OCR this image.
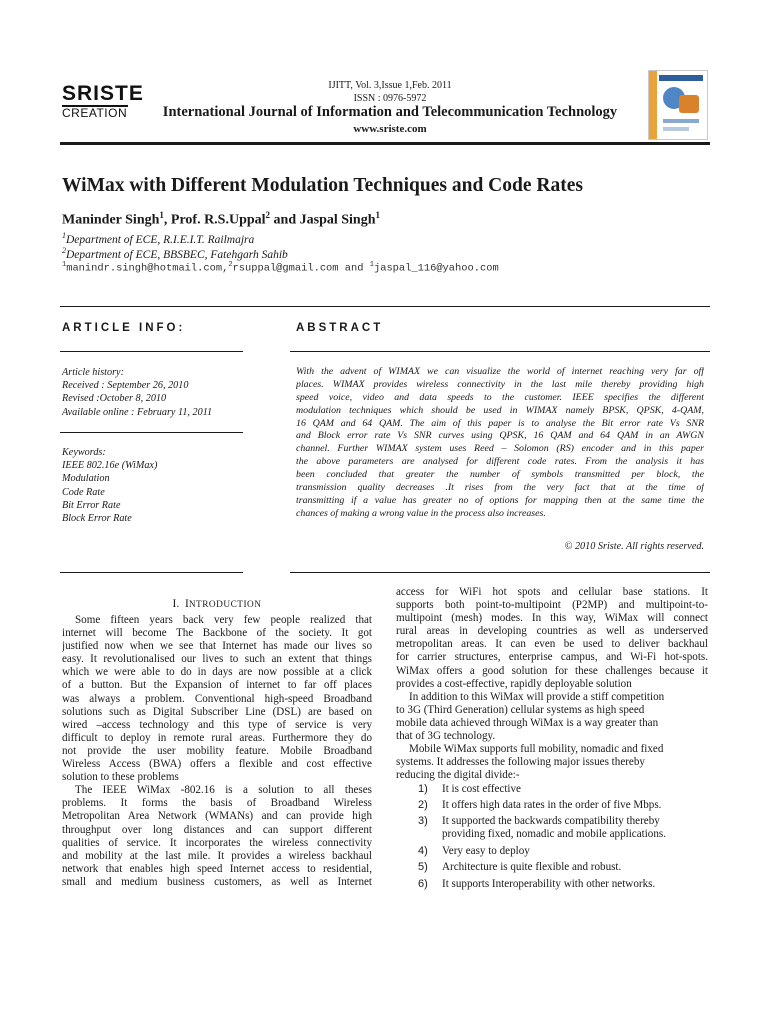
SRISTE
CREATION
IJITT, Vol. 3,Issue 1,Feb. 2011
ISSN : 0976-5972
International Journal of Information and Telecommunication Technology
www.sriste.com
WiMax with Different Modulation Techniques and Code Rates
Maninder Singh$^1$, Prof. R.S.Uppal$^2$ and Jaspal Singh$^1$
$^1$Department of ECE, R.I.E.I.T. Railmajra
$^2$Department of ECE, BBSBEC, Fatehgarh Sahib
$^1$manindr.singh@hotmail.com,$^2$rsuppal@gmail.com and $^1$jaspal_116@yahoo.com
ARTICLE INFO:
Article history:
Received : September 26, 2010
Revised :October 8, 2010
Available online : February 11, 2011
Keywords:
IEEE 802.16e (WiMax)
Modulation
Code Rate
Bit Error Rate
Block Error Rate
ABSTRACT
With the advent of WIMAX we can visualize the world of internet reaching very far off
places. WIMAX provides wireless connectivity in the last mile thereby providing high
speed voice, video and data speeds to the customer. IEEE specifies the different
modulation techniques which should be used in WIMAX namely BPSK, QPSK, 4-QAM,
16 QAM and 64 QAM. The aim of this paper is to analyse the Bit error rate Vs SNR
and Block error rate Vs SNR curves using QPSK, 16 QAM and 64 QAM in an AWGN
channel. Further WIMAX system uses Reed – Solomon (RS) encoder and in this paper
the above parameters are analysed for different code rates. From the analysis it has
been concluded that greater the number of symbols transmitted per block, the
transmission quality decreases .It rises from the very fact that at the time of
transmitting if a value has greater no of options for mapping then at the same time the
chances of making a wrong value in the process also increases.
© 2010 Sriste. All rights reserved.
I. INTRODUCTION
Some fifteen years back very few people realized that
internet will become The Backbone of the society. It got
justified now when we see that Internet has made our lives so
easy. It revolutionalised our lives to such an extent that things
which we were able to do in days are now possible at a click
of a button. But the Expansion of internet to far off places
was always a problem. Conventional high-speed Broadband
solutions such as Digital Subscriber Line (DSL) are based on
wired –access technology and this type of service is very
difficult to deploy in remote rural areas. Furthermore they do
not provide the user mobility feature. Mobile Broadband
Wireless Access (BWA) offers a flexible and cost effective
solution to these problems
The IEEE WiMax -802.16 is a solution to all theses
problems. It forms the basis of Broadband Wireless
Metropolitan Area Network (WMANs) and can provide high
throughput over long distances and can support different
qualities of service. It incorporates the wireless connectivity
and mobility at the last mile. It provides a wireless backhaul
network that enables high speed Internet access to residential,
small and medium business customers, as well as Internet
access for WiFi hot spots and cellular base stations. It
supports both point-to-multipoint (P2MP) and multipoint-to-
multipoint (mesh) modes. In this way, WiMax will connect
rural areas in developing countries as well as underserved
metropolitan areas. It can even be used to deliver backhaul
for carrier structures, enterprise campus, and Wi-Fi hot-spots.
WiMax offers a good solution for these challenges because it
provides a cost-effective, rapidly deployable solution
In addition to this WiMax will provide a stiff competition
to 3G (Third Generation) cellular systems as high speed
mobile data achieved through WiMax is a way greater than
that of 3G technology.
Mobile WiMax supports full mobility, nomadic and fixed
systems. It addresses the following major issues thereby
reducing the digital divide:-
1)	It is cost effective
2)	It offers high data rates in the order of five Mbps.
3)	It supported the backwards compatibility thereby
providing fixed, nomadic and mobile applications.
4)	Very easy to deploy
5)	Architecture is quite flexible and robust.
6)	It supports Interoperability with other networks.
